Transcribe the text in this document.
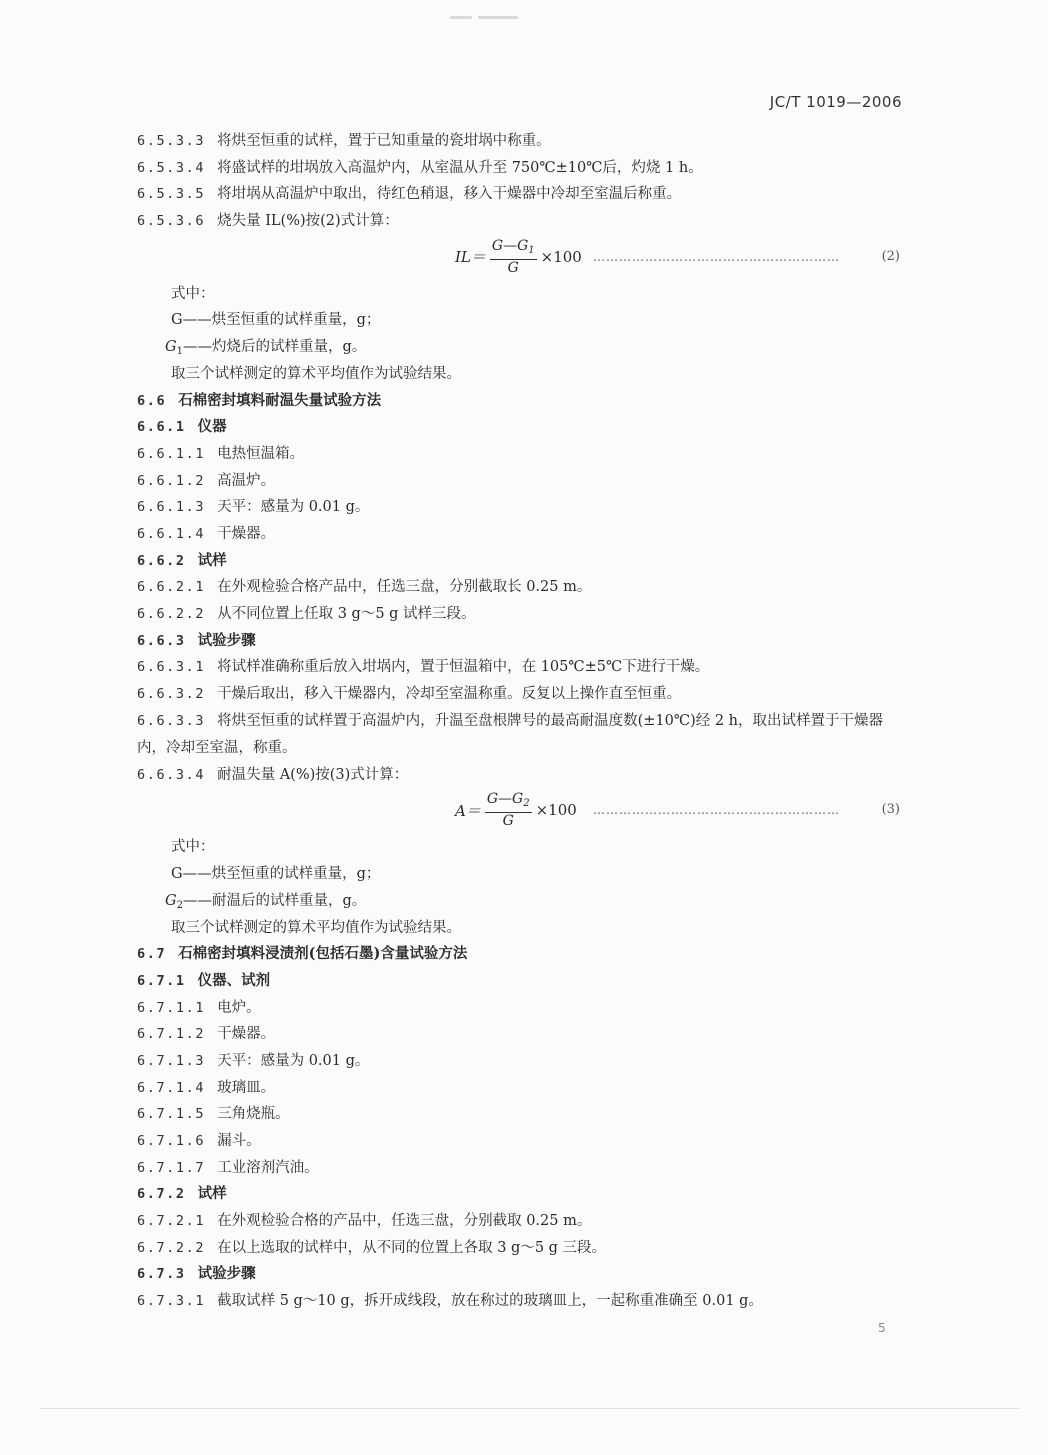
JC/T 1019—2006
6.5.3.3 将烘至恒重的试样，置于已知重量的瓷坩埚中称重。
6.5.3.4 将盛试样的坩埚放入高温炉内，从室温从升至 750℃±10℃后，灼烧 1 h。
6.5.3.5 将坩埚从高温炉中取出，待红色稍退，移入干燥器中冷却至室温后称重。
6.5.3.6 烧失量 IL(%)按(2)式计算：
$IL= \frac{G—G_1}{G} \times 100$ …………………………………………………	(2)
式中：
G——烘至恒重的试样重量，g；
$G_1——$灼烧后的试样重量，g。
取三个试样测定的算术平均值作为试验结果。
6.6 石棉密封填料耐温失量试验方法
6.6.1 仪器
6.6.1.1 电热恒温箱。
6.6.1.2 高温炉。
6.6.1.3 天平：感量为 0.01 g。
6.6.1.4 干燥器。
6.6.2 试样
6.6.2.1 在外观检验合格产品中，任选三盘，分别截取长 0.25 m。
6.6.2.2 从不同位置上任取 3 g～5 g 试样三段。
6.6.3 试验步骤
6.6.3.1 将试样准确称重后放入坩埚内，置于恒温箱中，在 105℃±5℃下进行干燥。
6.6.3.2 干燥后取出，移入干燥器内，冷却至室温称重。反复以上操作直至恒重。
6.6.3.3 将烘至恒重的试样置于高温炉内，升温至盘根牌号的最高耐温度数(±10℃)经 2 h，取出试样置于干燥器内，冷却至室温，称重。
6.6.3.4 耐温失量 A(%)按(3)式计算：
$A= \frac{G—G_2}{G} \times 100$ …………………………………………………	(3)
式中：
G——烘至恒重的试样重量，g；
$G_2——$耐温后的试样重量，g。
取三个试样测定的算术平均值作为试验结果。
6.7 石棉密封填料浸渍剂(包括石墨)含量试验方法
6.7.1 仪器、试剂
6.7.1.1 电炉。
6.7.1.2 干燥器。
6.7.1.3 天平：感量为 0.01 g。
6.7.1.4 玻璃皿。
6.7.1.5 三角烧瓶。
6.7.1.6 漏斗。
6.7.1.7 工业溶剂汽油。
6.7.2 试样
6.7.2.1 在外观检验合格的产品中，任选三盘，分别截取 0.25 m。
6.7.2.2 在以上选取的试样中，从不同的位置上各取 3 g～5 g 三段。
6.7.3 试验步骤
6.7.3.1 截取试样 5 g～10 g，拆开成线段，放在称过的玻璃皿上，一起称重准确至 0.01 g。
5
